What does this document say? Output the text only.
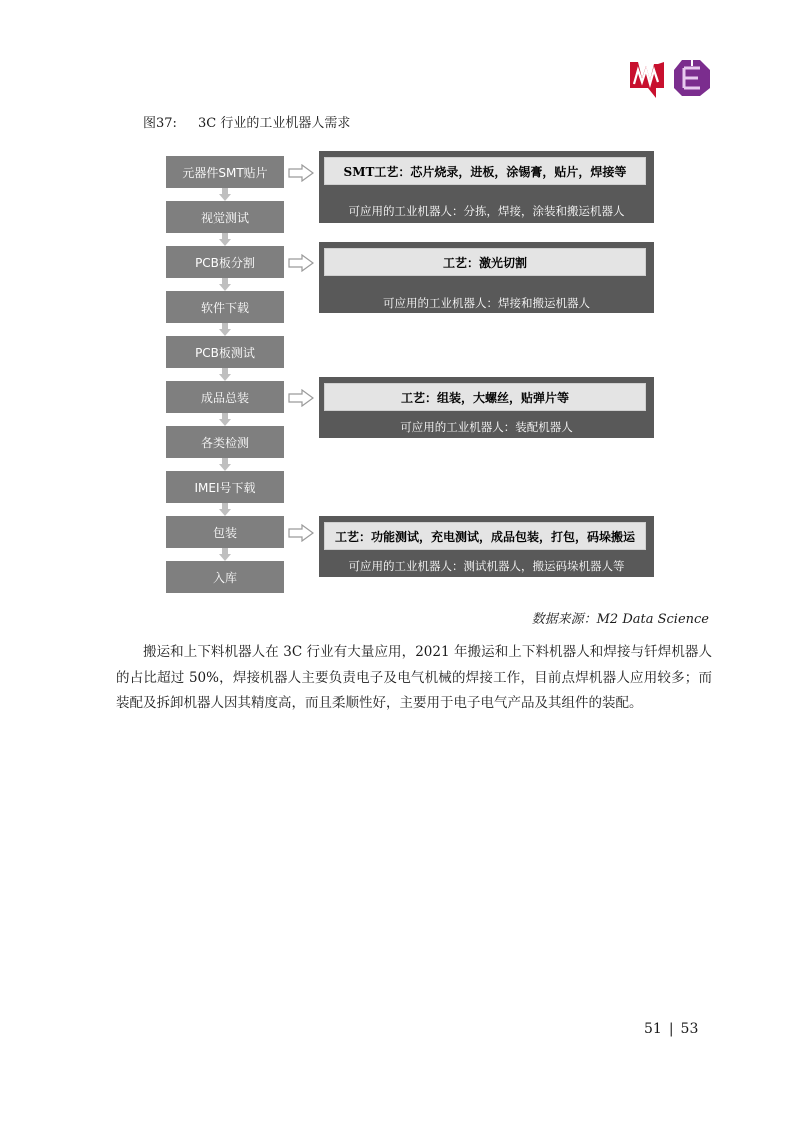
图37: 3C 行业的工业机器人需求
元器件SMT贴片
视觉测试
PCB板分割
软件下载
PCB板测试
成品总装
各类检测
IMEI号下载
包装
入库
SMT工艺：芯片烧录，进板，涂锡膏，贴片，焊接等
可应用的工业机器人：分拣，焊接，涂装和搬运机器人
工艺：激光切割
可应用的工业机器人：焊接和搬运机器人
工艺：组装，大螺丝，贴弹片等
可应用的工业机器人：装配机器人
工艺：功能测试，充电测试，成品包装，打包，码垛搬运
可应用的工业机器人：测试机器人，搬运码垛机器人等
数据来源：M2 Data Science

搬运和上下料机器人在 3C 行业有大量应用，2021 年搬运和上下料机器人和焊接与钎焊机器人的占比超过 50%，焊接机器人主要负责电子及电气机械的焊接工作，目前点焊机器人应用较多；而装配及拆卸机器人因其精度高，而且柔顺性好，主要用于电子电气产品及其组件的装配。

51 | 53
